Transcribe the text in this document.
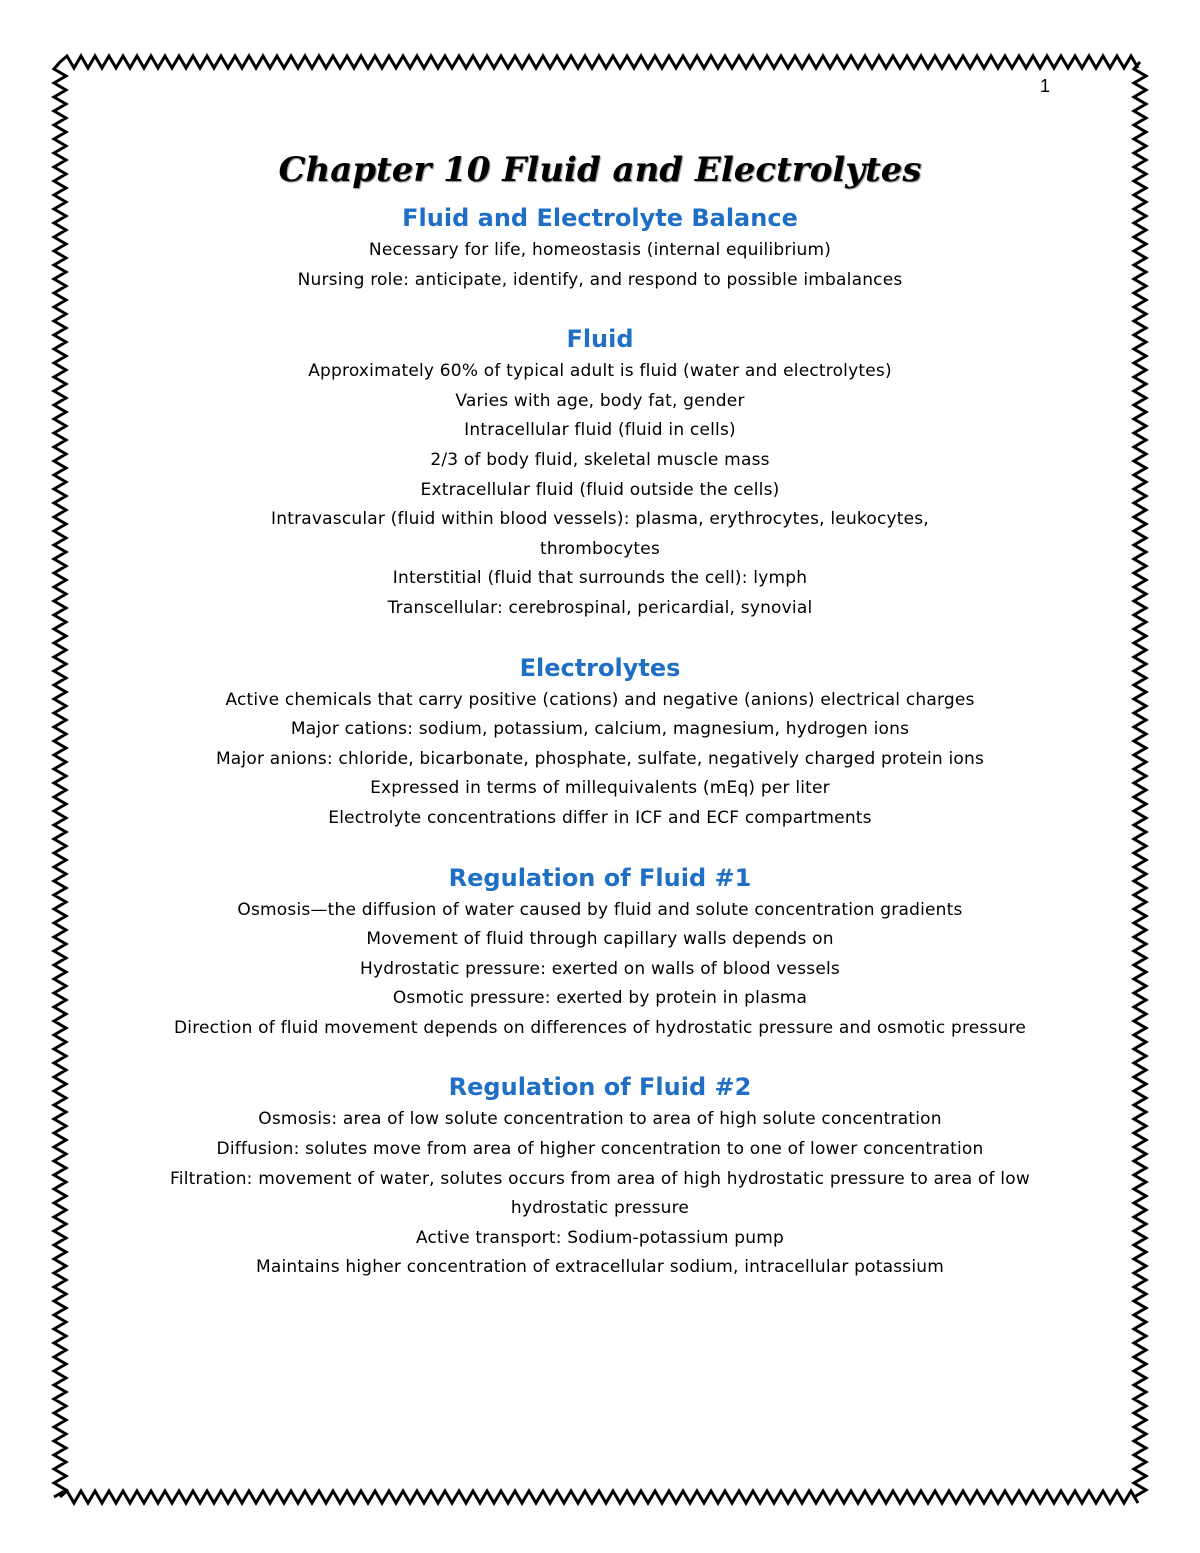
1
Chapter 10 Fluid and Electrolytes
Fluid and Electrolyte Balance

Necessary for life, homeostasis (internal equilibrium)

Nursing role: anticipate, identify, and respond to possible imbalances

Fluid

Approximately 60% of typical adult is fluid (water and electrolytes)

Varies with age, body fat, gender

Intracellular fluid (fluid in cells)

2/3 of body fluid, skeletal muscle mass

Extracellular fluid (fluid outside the cells)

Intravascular (fluid within blood vessels): plasma, erythrocytes, leukocytes, thrombocytes

Interstitial (fluid that surrounds the cell): lymph

Transcellular: cerebrospinal, pericardial, synovial

Electrolytes

Active chemicals that carry positive (cations) and negative (anions) electrical charges

Major cations: sodium, potassium, calcium, magnesium, hydrogen ions

Major anions: chloride, bicarbonate, phosphate, sulfate, negatively charged protein ions

Expressed in terms of millequivalents (mEq) per liter

Electrolyte concentrations differ in ICF and ECF compartments

Regulation of Fluid #1

Osmosis—the diffusion of water caused by fluid and solute concentration gradients

Movement of fluid through capillary walls depends on

Hydrostatic pressure: exerted on walls of blood vessels

Osmotic pressure: exerted by protein in plasma

Direction of fluid movement depends on differences of hydrostatic pressure and osmotic pressure

Regulation of Fluid #2

Osmosis: area of low solute concentration to area of high solute concentration

Diffusion: solutes move from area of higher concentration to one of lower concentration

Filtration: movement of water, solutes occurs from area of high hydrostatic pressure to area of low hydrostatic pressure

Active transport: Sodium-potassium pump

Maintains higher concentration of extracellular sodium, intracellular potassium
